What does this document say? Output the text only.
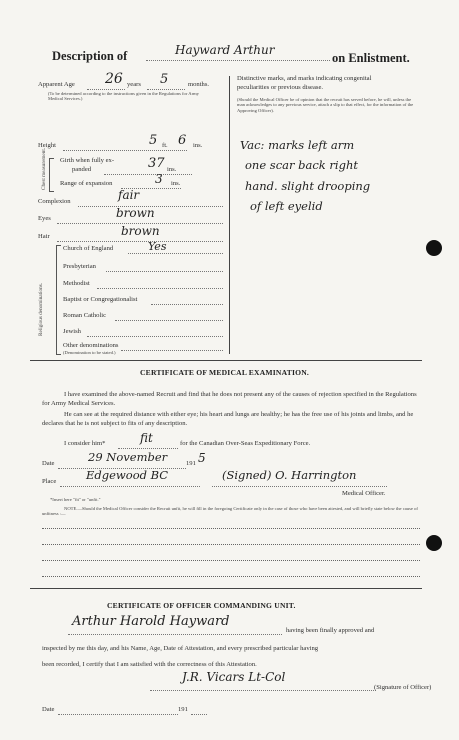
Description of	Hayward Arthur
on Enlistment.
Apparent Age 26 years 5	months.
(To be determined according to the instructions given in the Regulations for Army Medical Services.)
Height	5 ft. 6 ins.
Chest measurement. Girth when fully ex-
panded	37 ins.
Range of expansion	3 ins.
Complexion	fair
Eyes	brown
Hair	brown
Religious denominations.
Church of England	Yes
Presbyterian
Methodist
Baptist or Congregationalist
Roman Catholic
Jewish
Other denominations
(Denomination to be stated.)
Distinctive marks, and marks indicating congenital
peculiarities or previous disease.
(Should the Medical Officer be of opinion that the recruit has served before, he will, unless the man acknowledges to any previous service, attach a slip to that effect, for the information of the Approving Officer).
Vac: marks left arm
one scar back right
hand. slight drooping
of left eyelid
CERTIFICATE OF MEDICAL EXAMINATION.
I have examined the above-named Recruit and find that he does not present any of the causes of rejection specified in the Regulations for Army Medical Services.
He can see at the required distance with either eye; his heart and lungs are healthy; he has the free use of his joints and limbs, and he declares that he is not subject to fits of any description.
I consider him*	fit	for the Canadian Over-Seas Expeditionary Force.
Date	29 November	191 5
Place	Edgewood BC	(Signed) O. Harrington
Medical Officer.
*Insert here "fit" or "unfit."
NOTE.—Should the Medical Officer consider the Recruit unfit, he will fill in the foregoing Certificate only in the case of those who have been attested, and will briefly state below the cause of unfitness :—
CERTIFICATE OF OFFICER COMMANDING UNIT.
Arthur Harold Hayward
having been finally approved and
inspected by me this day, and his Name, Age, Date of Attestation, and every prescribed particular having
been recorded, I certify that I am satisfied with the correctness of this Attestation.
J.R. Vicars Lt-Col
(Signature of Officer)
Date	191
